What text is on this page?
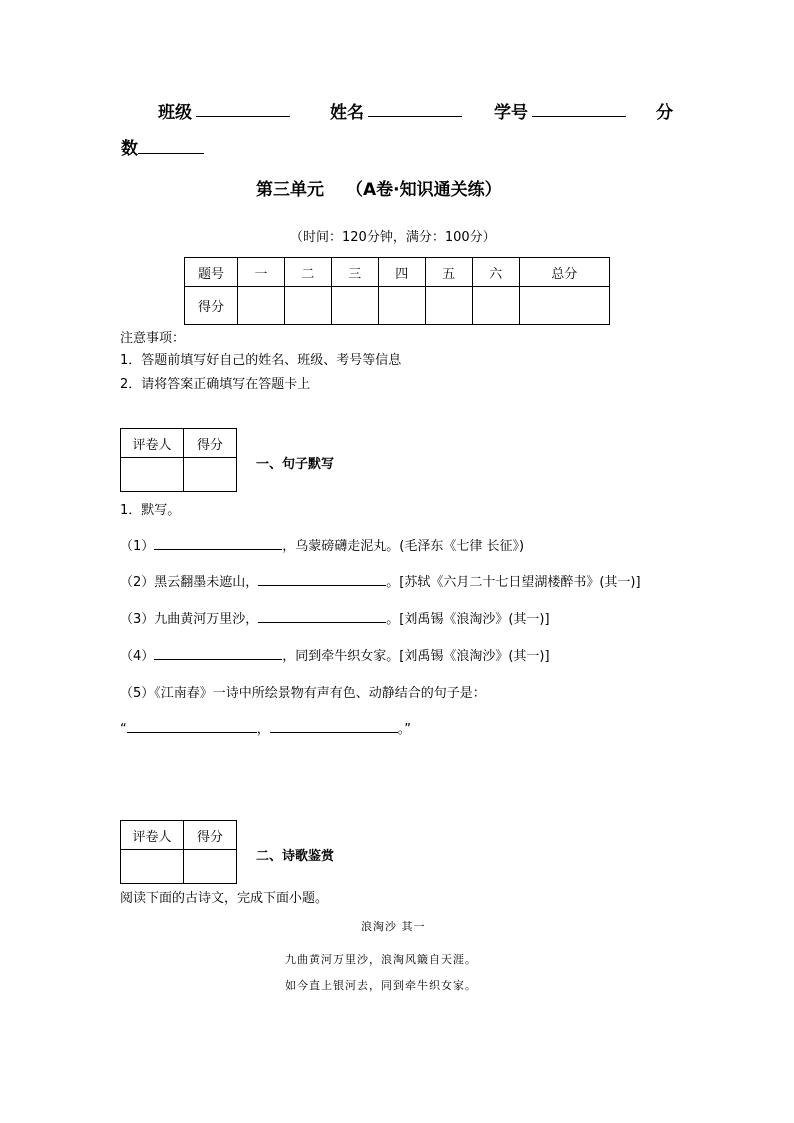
班级	姓名	学号	分
数
第三单元 （A卷·知识通关练）
（时间：120分钟，满分：100分）
题号	一	二	三	四	五	六	总分
得分							
注意事项：
1．答题前填写好自己的姓名、班级、考号等信息
2．请将答案正确填写在答题卡上
评卷人	得分

一、句子默写
1．默写。
（1）	，乌蒙磅礴走泥丸。(毛泽东《七律 长征》)
（2）黑云翻墨未遮山，	。[苏轼《六月二十七日望湖楼醉书》(其一)]
（3）九曲黄河万里沙，	。[刘禹锡《浪淘沙》(其一)]
（4）	，同到牵牛织女家。[刘禹锡《浪淘沙》(其一)]
（5）《江南春》一诗中所绘景物有声有色、动静结合的句子是：
“	，	。”
评卷人	得分

二、诗歌鉴赏
阅读下面的古诗文，完成下面小题。
浪淘沙 其一
九曲黄河万里沙，浪淘风簸自天涯。
如今直上银河去，同到牵牛织女家。
